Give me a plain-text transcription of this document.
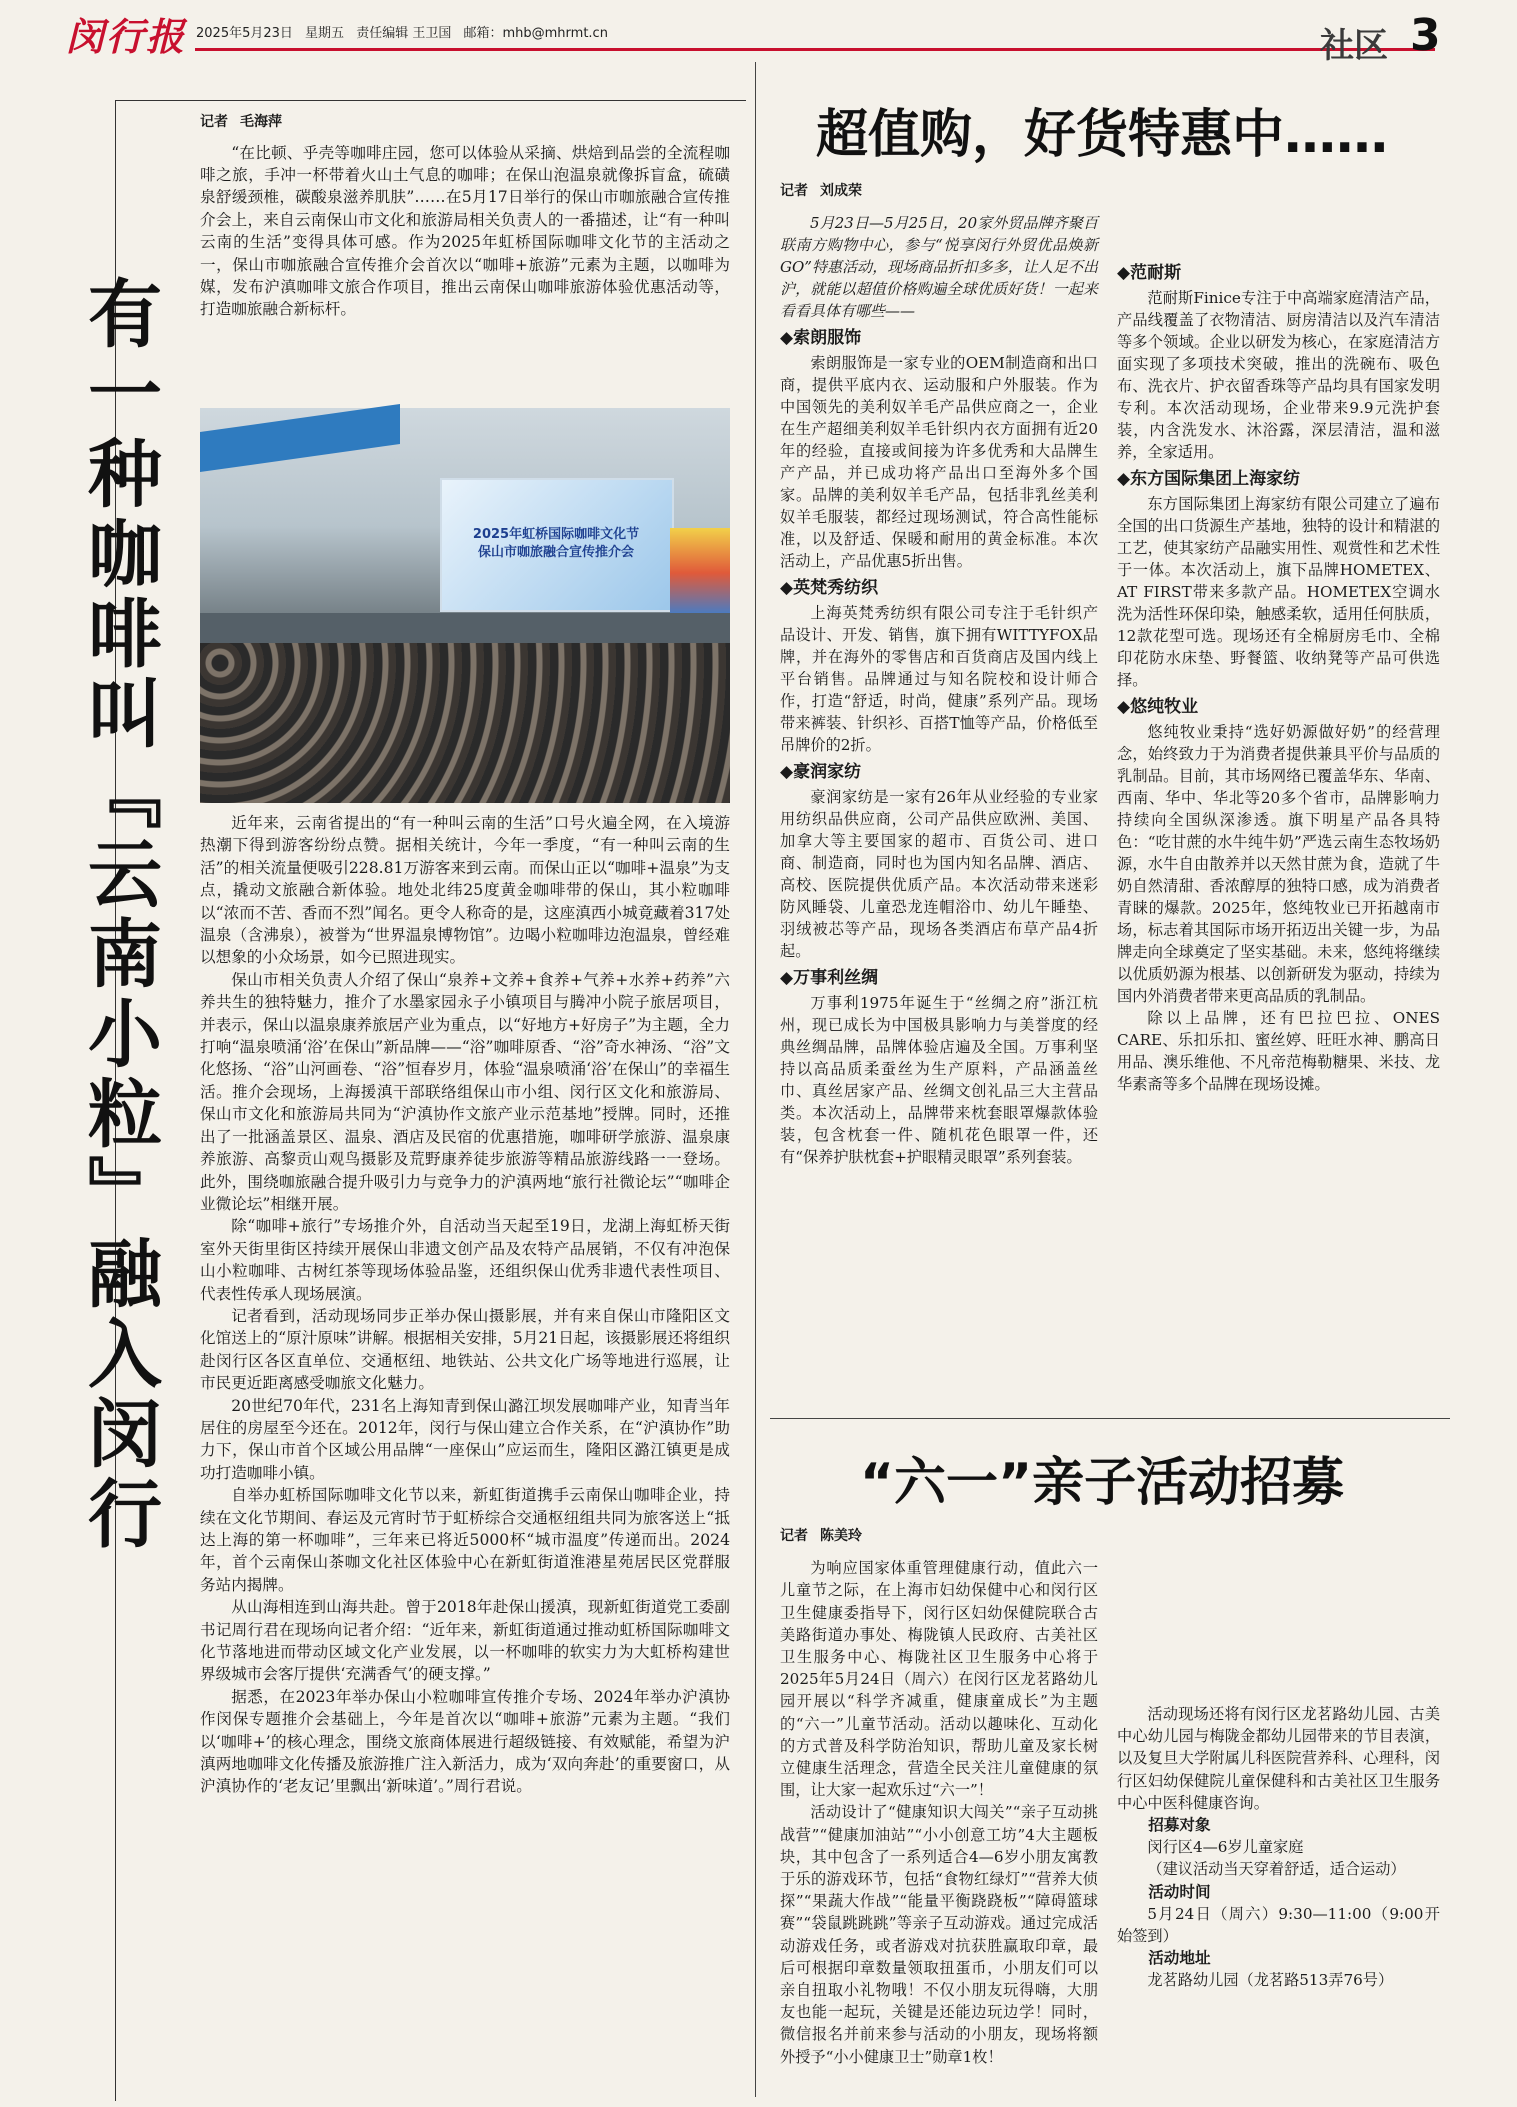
闵行报 2025年5月23日 星期五 责任编辑 王卫国 邮箱：mhb@mhrmt.cn	社区 3
有一种咖啡叫『云南小粒』融入闵行
记者 毛海萍

“在比顿、乎壳等咖啡庄园，您可以体验从采摘、烘焙到品尝的全流程咖啡之旅，手冲一杯带着火山土气息的咖啡；在保山泡温泉就像拆盲盒，硫磺泉舒缓颈椎，碳酸泉滋养肌肤”……在5月17日举行的保山市咖旅融合宣传推介会上，来自云南保山市文化和旅游局相关负责人的一番描述，让“有一种叫云南的生活”变得具体可感。作为2025年虹桥国际咖啡文化节的主活动之一，保山市咖旅融合宣传推介会首次以“咖啡+旅游”元素为主题，以咖啡为媒，发布沪滇咖啡文旅合作项目，推出云南保山咖啡旅游体验优惠活动等，打造咖旅融合新标杆。

2025年虹桥国际咖啡文化节
保山市咖旅融合宣传推介会

近年来，云南省提出的“有一种叫云南的生活”口号火遍全网，在入境游热潮下得到游客纷纷点赞。据相关统计，今年一季度，“有一种叫云南的生活”的相关流量便吸引228.81万游客来到云南。而保山正以“咖啡+温泉”为支点，撬动文旅融合新体验。地处北纬25度黄金咖啡带的保山，其小粒咖啡以“浓而不苦、香而不烈”闻名。更令人称奇的是，这座滇西小城竟藏着317处温泉（含沸泉），被誉为“世界温泉博物馆”。边喝小粒咖啡边泡温泉，曾经难以想象的小众场景，如今已照进现实。

保山市相关负责人介绍了保山“泉养+文养+食养+气养+水养+药养”六养共生的独特魅力，推介了水墨家园永子小镇项目与腾冲小院子旅居项目，并表示，保山以温泉康养旅居产业为重点，以“好地方+好房子”为主题，全力打响“温泉喷涌‘浴’在保山”新品牌——“浴”咖啡原香、“浴”奇水神汤、“浴”文化悠扬、“浴”山河画卷、“浴”恒春岁月，体验“温泉喷涌‘浴’在保山”的幸福生活。推介会现场，上海援滇干部联络组保山市小组、闵行区文化和旅游局、保山市文化和旅游局共同为“沪滇协作文旅产业示范基地”授牌。同时，还推出了一批涵盖景区、温泉、酒店及民宿的优惠措施，咖啡研学旅游、温泉康养旅游、高黎贡山观鸟摄影及荒野康养徒步旅游等精品旅游线路一一登场。此外，围绕咖旅融合提升吸引力与竞争力的沪滇两地“旅行社微论坛”“咖啡企业微论坛”相继开展。

除“咖啡+旅行”专场推介外，自活动当天起至19日，龙湖上海虹桥天街室外天街里街区持续开展保山非遗文创产品及农特产品展销，不仅有冲泡保山小粒咖啡、古树红茶等现场体验品鉴，还组织保山优秀非遗代表性项目、代表性传承人现场展演。

记者看到，活动现场同步正举办保山摄影展，并有来自保山市隆阳区文化馆送上的“原汁原味”讲解。根据相关安排，5月21日起，该摄影展还将组织赴闵行区各区直单位、交通枢纽、地铁站、公共文化广场等地进行巡展，让市民更近距离感受咖旅文化魅力。

20世纪70年代，231名上海知青到保山潞江坝发展咖啡产业，知青当年居住的房屋至今还在。2012年，闵行与保山建立合作关系，在“沪滇协作”助力下，保山市首个区域公用品牌“一座保山”应运而生，隆阳区潞江镇更是成功打造咖啡小镇。

自举办虹桥国际咖啡文化节以来，新虹街道携手云南保山咖啡企业，持续在文化节期间、春运及元宵时节于虹桥综合交通枢纽组共同为旅客送上“抵达上海的第一杯咖啡”，三年来已将近5000杯“城市温度”传递而出。2024年，首个云南保山茶咖文化社区体验中心在新虹街道淮港星苑居民区党群服务站内揭牌。

从山海相连到山海共赴。曾于2018年赴保山援滇，现新虹街道党工委副书记周行君在现场向记者介绍：“近年来，新虹街道通过推动虹桥国际咖啡文化节落地进而带动区域文化产业发展，以一杯咖啡的软实力为大虹桥构建世界级城市会客厅提供‘充满香气’的硬支撑。”

据悉，在2023年举办保山小粒咖啡宣传推介专场、2024年举办沪滇协作闵保专题推介会基础上，今年是首次以“咖啡+旅游”元素为主题。“我们以‘咖啡+’的核心理念，围绕文旅商体展进行超级链接、有效赋能，希望为沪滇两地咖啡文化传播及旅游推广注入新活力，成为‘双向奔赴’的重要窗口，从沪滇协作的‘老友记’里飘出‘新味道’。”周行君说。

超值购，好货特惠中……
记者 刘成荣

5月23日—5月25日，20家外贸品牌齐聚百联南方购物中心，参与“悦享闵行外贸优品焕新GO”特惠活动，现场商品折扣多多，让人足不出沪，就能以超值价格购遍全球优质好货！一起来看看具体有哪些——

◆索朗服饰

索朗服饰是一家专业的OEM制造商和出口商，提供平底内衣、运动服和户外服装。作为中国领先的美利奴羊毛产品供应商之一，企业在生产超细美利奴羊毛针织内衣方面拥有近20年的经验，直接或间接为许多优秀和大品牌生产产品，并已成功将产品出口至海外多个国家。品牌的美利奴羊毛产品，包括非乳丝美利奴羊毛服装，都经过现场测试，符合高性能标准，以及舒适、保暖和耐用的黄金标准。本次活动上，产品优惠5折出售。

◆英梵秀纺织

上海英梵秀纺织有限公司专注于毛针织产品设计、开发、销售，旗下拥有WITTYFOX品牌，并在海外的零售店和百货商店及国内线上平台销售。品牌通过与知名院校和设计师合作，打造“舒适，时尚，健康”系列产品。现场带来裤装、针织衫、百搭T恤等产品，价格低至吊牌价的2折。

◆豪润家纺

豪润家纺是一家有26年从业经验的专业家用纺织品供应商，公司产品供应欧洲、美国、加拿大等主要国家的超市、百货公司、进口商、制造商，同时也为国内知名品牌、酒店、高校、医院提供优质产品。本次活动带来迷彩防风睡袋、儿童恐龙连帽浴巾、幼儿午睡垫、羽绒被芯等产品，现场各类酒店布草产品4折起。

◆万事利丝绸

万事利1975年诞生于“丝绸之府”浙江杭州，现已成长为中国极具影响力与美誉度的经典丝绸品牌，品牌体验店遍及全国。万事利坚持以高品质柔蚕丝为生产原料，产品涵盖丝巾、真丝居家产品、丝绸文创礼品三大主营品类。本次活动上，品牌带来枕套眼罩爆款体验装，包含枕套一件、随机花色眼罩一件，还有“保养护肤枕套+护眼精灵眼罩”系列套装。

◆范耐斯

范耐斯Finice专注于中高端家庭清洁产品，产品线覆盖了衣物清洁、厨房清洁以及汽车清洁等多个领域。企业以研发为核心，在家庭清洁方面实现了多项技术突破，推出的洗碗布、吸色布、洗衣片、护衣留香珠等产品均具有国家发明专利。本次活动现场，企业带来9.9元洗护套装，内含洗发水、沐浴露，深层清洁，温和滋养，全家适用。

◆东方国际集团上海家纺

东方国际集团上海家纺有限公司建立了遍布全国的出口货源生产基地，独特的设计和精湛的工艺，使其家纺产品融实用性、观赏性和艺术性于一体。本次活动上，旗下品牌HOMETEX、AT FIRST带来多款产品。HOMETEX空调水洗为活性环保印染，触感柔软，适用任何肤质，12款花型可选。现场还有全棉厨房毛巾、全棉印花防水床垫、野餐篮、收纳凳等产品可供选择。

◆悠纯牧业

悠纯牧业秉持“选好奶源做好奶”的经营理念，始终致力于为消费者提供兼具平价与品质的乳制品。目前，其市场网络已覆盖华东、华南、西南、华中、华北等20多个省市，品牌影响力持续向全国纵深渗透。旗下明星产品各具特色：“吃甘蔗的水牛纯牛奶”严选云南生态牧场奶源，水牛自由散养并以天然甘蔗为食，造就了牛奶自然清甜、香浓醇厚的独特口感，成为消费者青睐的爆款。2025年，悠纯牧业已开拓越南市场，标志着其国际市场开拓迈出关键一步，为品牌走向全球奠定了坚实基础。未来，悠纯将继续以优质奶源为根基、以创新研发为驱动，持续为国内外消费者带来更高品质的乳制品。

除以上品牌，还有巴拉巴拉、ONES CARE、乐扣乐扣、蜜丝婷、旺旺水神、鹏高日用品、澳乐维他、不凡帝范梅勒糖果、米技、龙华素斋等多个品牌在现场设摊。

“六一”亲子活动招募
记者 陈美玲

为响应国家体重管理健康行动，值此六一儿童节之际，在上海市妇幼保健中心和闵行区卫生健康委指导下，闵行区妇幼保健院联合古美路街道办事处、梅陇镇人民政府、古美社区卫生服务中心、梅陇社区卫生服务中心将于2025年5月24日（周六）在闵行区龙茗路幼儿园开展以“科学齐减重，健康童成长”为主题的“六一”儿童节活动。活动以趣味化、互动化的方式普及科学防治知识，帮助儿童及家长树立健康生活理念，营造全民关注儿童健康的氛围，让大家一起欢乐过“六一”！

活动设计了“健康知识大闯关”“亲子互动挑战营”“健康加油站”“小小创意工坊”4大主题板块，其中包含了一系列适合4—6岁小朋友寓教于乐的游戏环节，包括“食物红绿灯”“营养大侦探”“果蔬大作战”“能量平衡跷跷板”“障碍篮球赛”“袋鼠跳跳跳”等亲子互动游戏。通过完成活动游戏任务，或者游戏对抗获胜赢取印章，最后可根据印章数量领取扭蛋币，小朋友们可以亲自扭取小礼物哦！不仅小朋友玩得嗨，大朋友也能一起玩，关键是还能边玩边学！同时，微信报名并前来参与活动的小朋友，现场将额外授予“小小健康卫士”勋章1枚！

活动现场还将有闵行区龙茗路幼儿园、古美中心幼儿园与梅陇金都幼儿园带来的节目表演，以及复旦大学附属儿科医院营养科、心理科，闵行区妇幼保健院儿童保健科和古美社区卫生服务中心中医科健康咨询。

招募对象

闵行区4—6岁儿童家庭

（建议活动当天穿着舒适，适合运动）

活动时间

5月24日（周六）9:30—11:00（9:00开始签到）

活动地址

龙茗路幼儿园（龙茗路513弄76号）
